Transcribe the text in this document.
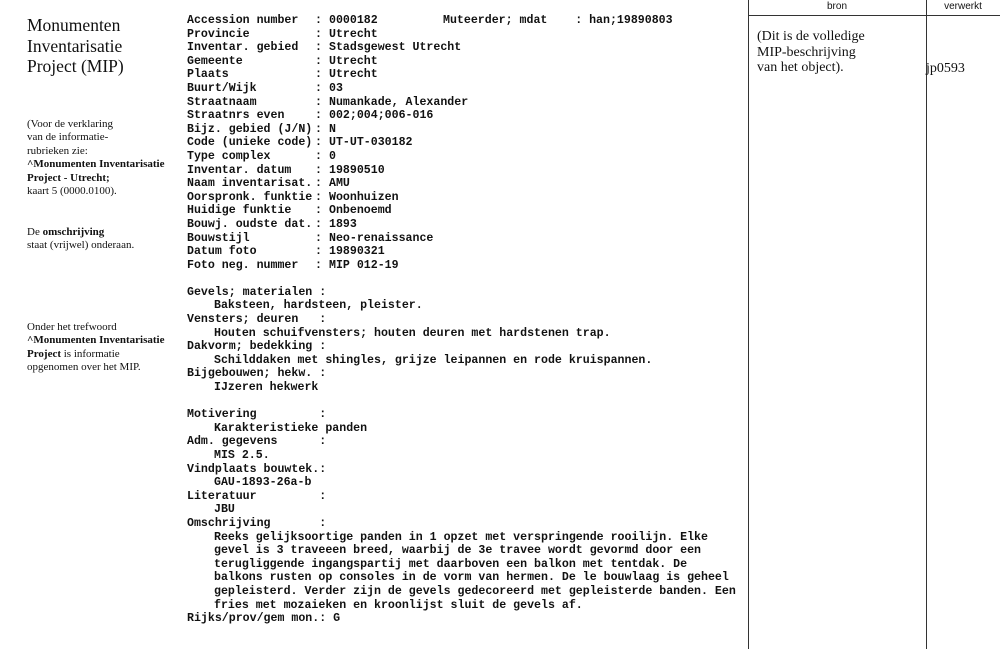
Monumenten
Inventarisatie
Project (MIP)
(Voor de verklaring
van de informatie-
rubrieken zie:
^Monumenten Inventarisatie
Project - Utrecht;
kaart 5 (0000.0100).
De omschrijving
staat (vrijwel) onderaan.
Onder het trefwoord
^Monumenten Inventarisatie
Project is informatie
opgenomen over het MIP.
Muteerder; mdat    : han;19890803
Accession number : 0000182
Provincie	: Utrecht
Inventar. gebied : Stadsgewest Utrecht
Gemeente	: Utrecht
Plaats	: Utrecht
Buurt/Wijk	: 03
Straatnaam	: Numankade, Alexander
Straatnrs even	: 002;004;006-016
Bijz. gebied (J/N) : N
Code (unieke code) : UT-UT-030182
Type complex	: 0
Inventar. datum : 19890510
Naam inventarisat. : AMU
Oorspronk. funktie : Woonhuizen
Huidige funktie : Onbenoemd
Bouwj. oudste dat. : 1893
Bouwstijl	: Neo-renaissance
Datum foto	: 19890321
Foto neg. nummer : MIP 012-19
Gevels; materialen :
Baksteen, hardsteen, pleister.
Vensters; deuren   :
Houten schuifvensters; houten deuren met hardstenen trap.
Dakvorm; bedekking :
Schilddaken met shingles, grijze leipannen en rode kruispannen.
Bijgebouwen; hekw. :
IJzeren hekwerk
Motivering         :
Karakteristieke panden
Adm. gegevens      :
MIS 2.5.
Vindplaats bouwtek.:
GAU-1893-26a-b
Literatuur         :
JBU
Omschrijving       :
Reeks gelijksoortige panden in 1 opzet met verspringende rooilijn. Elke
gevel is 3 traveeen breed, waarbij de 3e travee wordt gevormd door een
terugliggende ingangspartij met daarboven een balkon met tentdak. De
balkons rusten op consoles in de vorm van hermen. De le bouwlaag is geheel
gepleisterd. Verder zijn de gevels gedecoreerd met gepleisterde banden. Een
fries met mozaieken en kroonlijst sluit de gevels af.
Rijks/prov/gem mon.: G
bron	verwerkt
(Dit is de volledige
MIP-beschrijving
van het object).	jp0593
